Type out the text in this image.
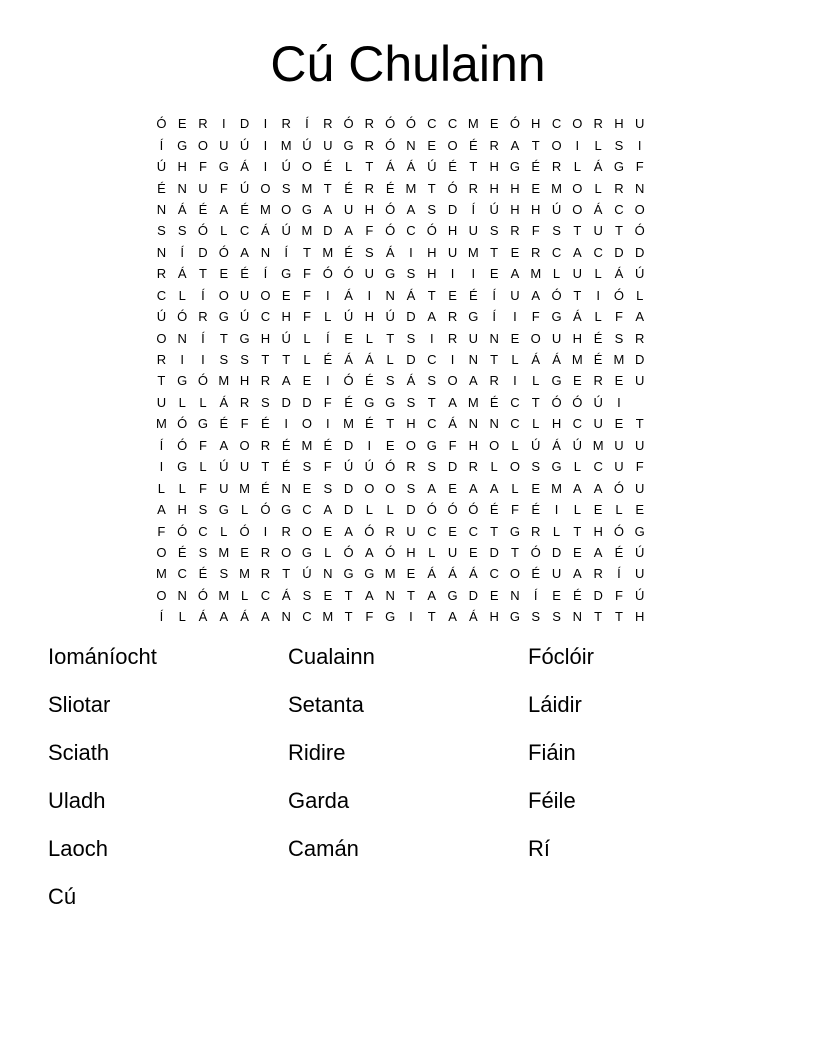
Cú Chulainn
Ó E R	I	D	I	R	Í	R Ó R Ó Ó C C M E Ó H C O R H U
Í	G O U Ú	I	M Ú U G R Ó N E O É R A T O	I	L S	I
Ú H F G Á	I	Ú O É L	T Á Á Ú É T H G É R L Á G F
É N U F Ú O S M T É R É M T Ó R H H E M O L R N
N Á É A É M O G A U H Ó A S D	Í	Ú H H Ú O Á C O
S S Ó L C Á Ú M D A F Ó C Ó H U S R F S T U T Ó
N	Í	D Ó A N	Í	T M É S Á	I	H U M T E R C A C D D
R Á T E É	Í	G F Ó Ó U G S H	I	I	E A M L U L Á Ú
C L	Í	O U O E F	I	Á	I	N Á T E É	Í	U A Ó T	I	Ó L
Ú Ó R G Ú C H F	L Ú H Ú D A R G	Í	I	F G Á L	F A
O N	Í	T G H Ú L	Í	E L	T S	I	R U N E O U H É S R
R	I	I	S S T T	L É Á Á L D C	I	N T	L Á Á M É M D
T G Ó M H R A E	I	Ó É S Á S O A R	I	L G E R E U
U L	L Á R S D D F É G G S T A M É C T Ó Ó Ú	I
M Ó G É F É	I	O	I	M É T H C Á N N C L H C U E T
Í	Ó F A O R É M É D	I	E O G F H O L Ú Á Ú M U U
I	G L Ú U T É S F Ú Ú Ó R S D R L O S G L C U F
L	L	F U M É N E S D O O S A E A A L E M A A Ó U
A H S G L Ó G C A D L	L D Ó Ó Ó É F É	I	L E L E
F Ó C L Ó	I	R O E A Ó R U C E C T G R L	T H Ó G
O É S M E R O G L Ó A Ó H L U E D T Ó D E A É Ú
M C É S M R T Ú N G G M E Á Á Á C O É U A R	Í	U
O N Ó M L C Á S E T A N T A G D E N	Í	E É D F Ú
Í	L Á A Á A N C M T F G	I	T A Á H G S S N T T H
Iománíocht	Cualainn	Fóclóir
Sliotar	Setanta	Láidir
Sciath	Ridire	Fiáin
Uladh	Garda	Féile
Laoch	Camán	Rí
Cú
